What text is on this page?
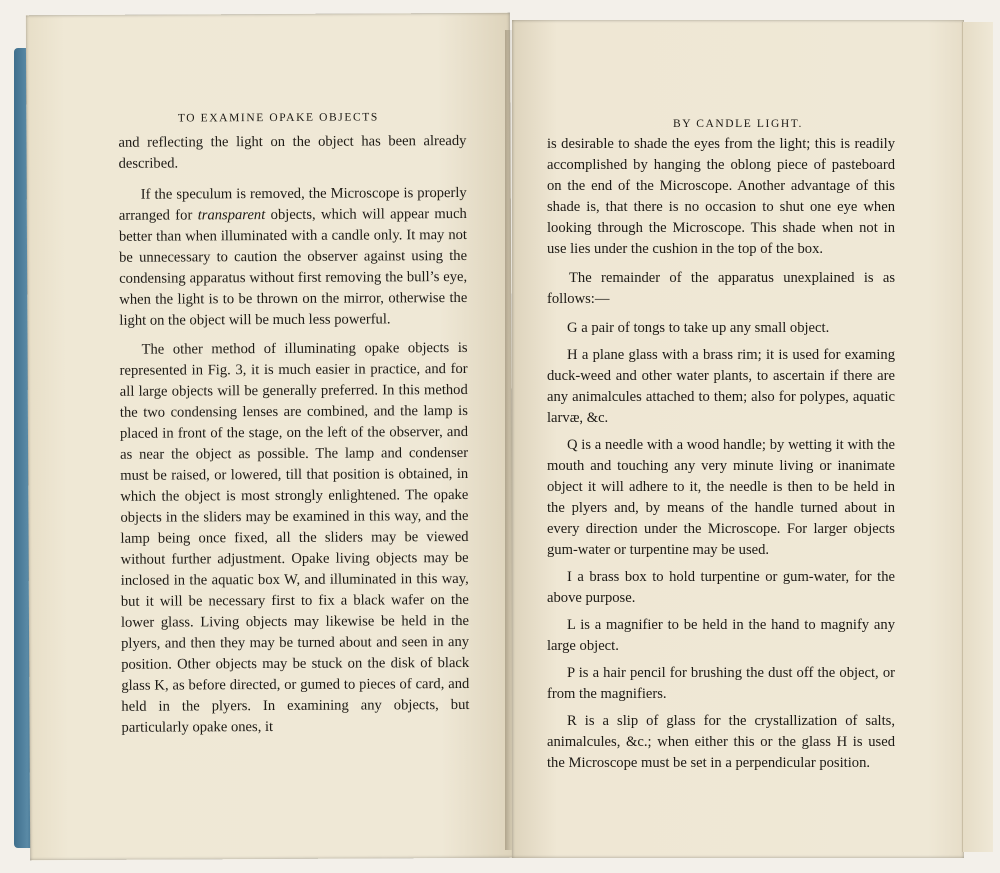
TO EXAMINE OPAKE OBJECTS

and reflecting the light on the object has been already described.

If the speculum is removed, the Microscope is properly arranged for transparent objects, which will appear much better than when illuminated with a candle only. It may not be unnecessary to caution the observer against using the condensing apparatus without first removing the bull’s eye, when the light is to be thrown on the mirror, otherwise the light on the object will be much less powerful.

The other method of illuminating opake objects is represented in Fig. 3, it is much easier in practice, and for all large objects will be generally preferred. In this method the two condensing lenses are combined, and the lamp is placed in front of the stage, on the left of the observer, and as near the object as possible. The lamp and condenser must be raised, or lowered, till that position is obtained, in which the object is most strongly enlightened. The opake objects in the sliders may be examined in this way, and the lamp being once fixed, all the sliders may be viewed without further adjustment. Opake living objects may be inclosed in the aquatic box W, and illuminated in this way, but it will be necessary first to fix a black wafer on the lower glass. Living objects may likewise be held in the plyers, and then they may be turned about and seen in any position. Other objects may be stuck on the disk of black glass K, as before directed, or gumed to pieces of card, and held in the plyers. In examining any objects, but particularly opake ones, it

BY CANDLE LIGHT.

is desirable to shade the eyes from the light; this is readily accomplished by hanging the oblong piece of pasteboard on the end of the Microscope. Another advantage of this shade is, that there is no occasion to shut one eye when looking through the Microscope. This shade when not in use lies under the cushion in the top of the box.

The remainder of the apparatus unexplained is as follows:—

G a pair of tongs to take up any small object.

H a plane glass with a brass rim; it is used for examing duck-weed and other water plants, to ascertain if there are any animalcules attached to them; also for polypes, aquatic larvæ, &c.

Q is a needle with a wood handle; by wetting it with the mouth and touching any very minute living or inanimate object it will adhere to it, the needle is then to be held in the plyers and, by means of the handle turned about in every direction under the Microscope. For larger objects gum-water or turpentine may be used.

I a brass box to hold turpentine or gum-water, for the above purpose.

L is a magnifier to be held in the hand to magnify any large object.

P is a hair pencil for brushing the dust off the object, or from the magnifiers.

R is a slip of glass for the crystallization of salts, animalcules, &c.; when either this or the glass H is used the Microscope must be set in a perpendicular position.
